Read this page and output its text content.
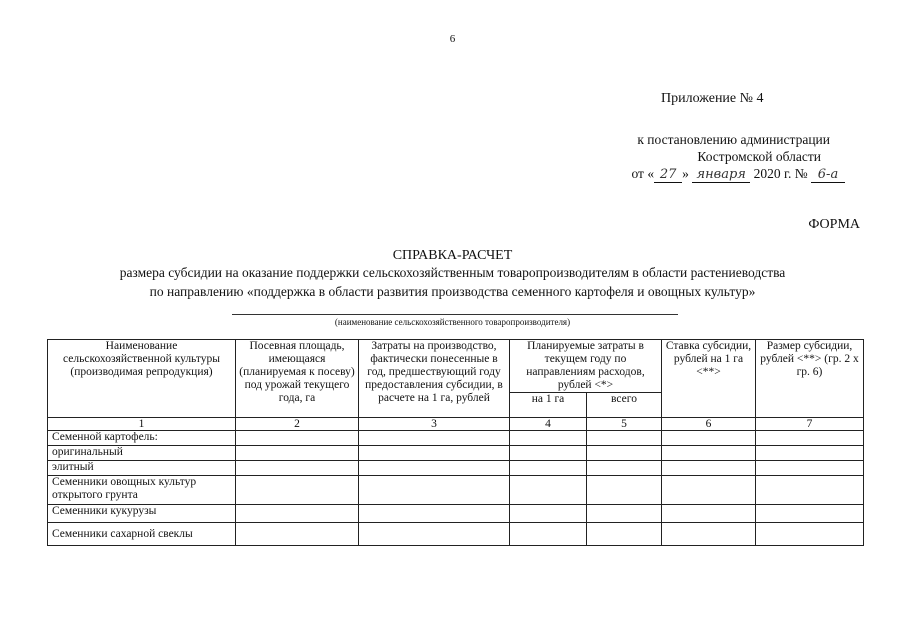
6
Приложение № 4
к постановлению администрации
Костромской области
от « 27 » января 2020 г. № 6-а
ФОРМА
СПРАВКА-РАСЧЕТ
размера субсидии на оказание поддержки сельскохозяйственным товаропроизводителям в области растениеводства
по направлению «поддержка в области развития производства семенного картофеля и овощных культур»
(наименование сельскохозяйственного товаропроизводителя)
Наименование сельскохозяйственной культуры (производимая репродукция)	Посевная площадь, имеющаяся (планируемая к посеву) под урожай текущего года, га	Затраты на производство, фактически понесенные в год, предшествующий году предоставления субсидии, в расчете на 1 га, рублей	Планируемые затраты в текущем году по направлениям расходов, рублей <*>		Ставка субсидии, рублей на 1 га <**>	Размер субсидии, рублей <**> (гр. 2 x гр. 6)
			на 1 га	всего		
1	2	3	4	5	6	7
Семенной картофель:						
оригинальный						
элитный						
Семенники овощных культур открытого грунта						
Семенники кукурузы						
Семенники сахарной свеклы						
